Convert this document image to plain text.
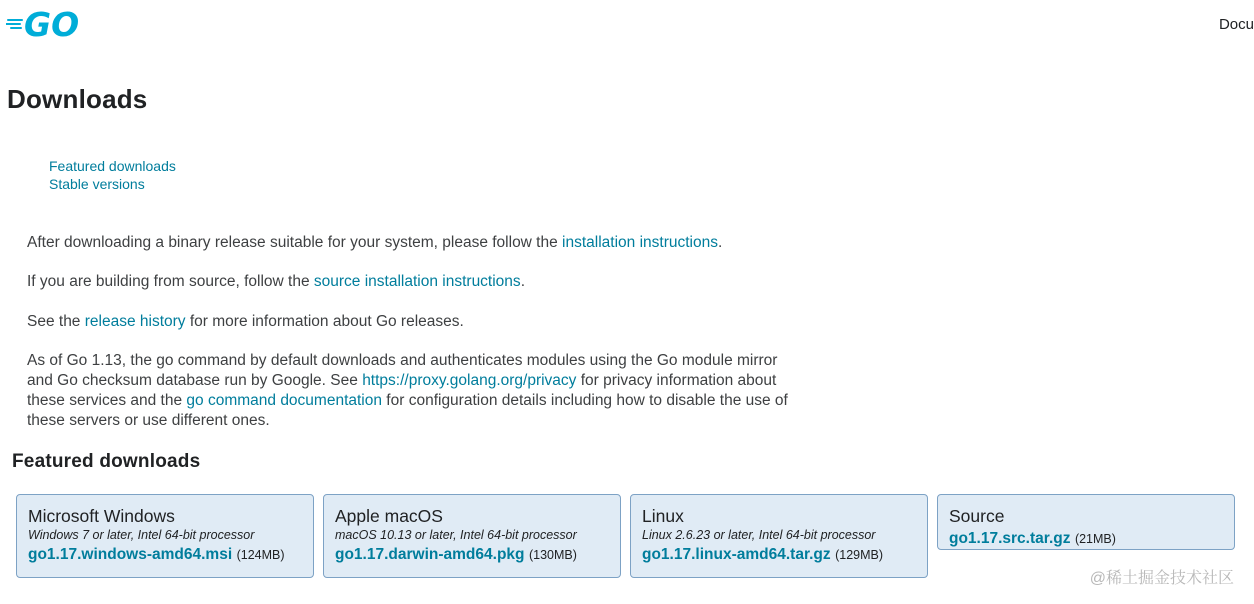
GO	Docu
Downloads
Featured downloads
Stable versions

After downloading a binary release suitable for your system, please follow the installation instructions.

If you are building from source, follow the source installation instructions.

See the release history for more information about Go releases.

As of Go 1.13, the go command by default downloads and authenticates modules using the Go module mirror
and Go checksum database run by Google. See https://proxy.golang.org/privacy for privacy information about
these services and the go command documentation for configuration details including how to disable the use of
these servers or use different ones.

Featured downloads
Microsoft Windows
Windows 7 or later, Intel 64-bit processor
go1.17.windows-amd64.msi (124MB)
Apple macOS
macOS 10.13 or later, Intel 64-bit processor
go1.17.darwin-amd64.pkg (130MB)
Linux
Linux 2.6.23 or later, Intel 64-bit processor
go1.17.linux-amd64.tar.gz (129MB)
Source
go1.17.src.tar.gz (21MB)
@稀土掘金技术社区
